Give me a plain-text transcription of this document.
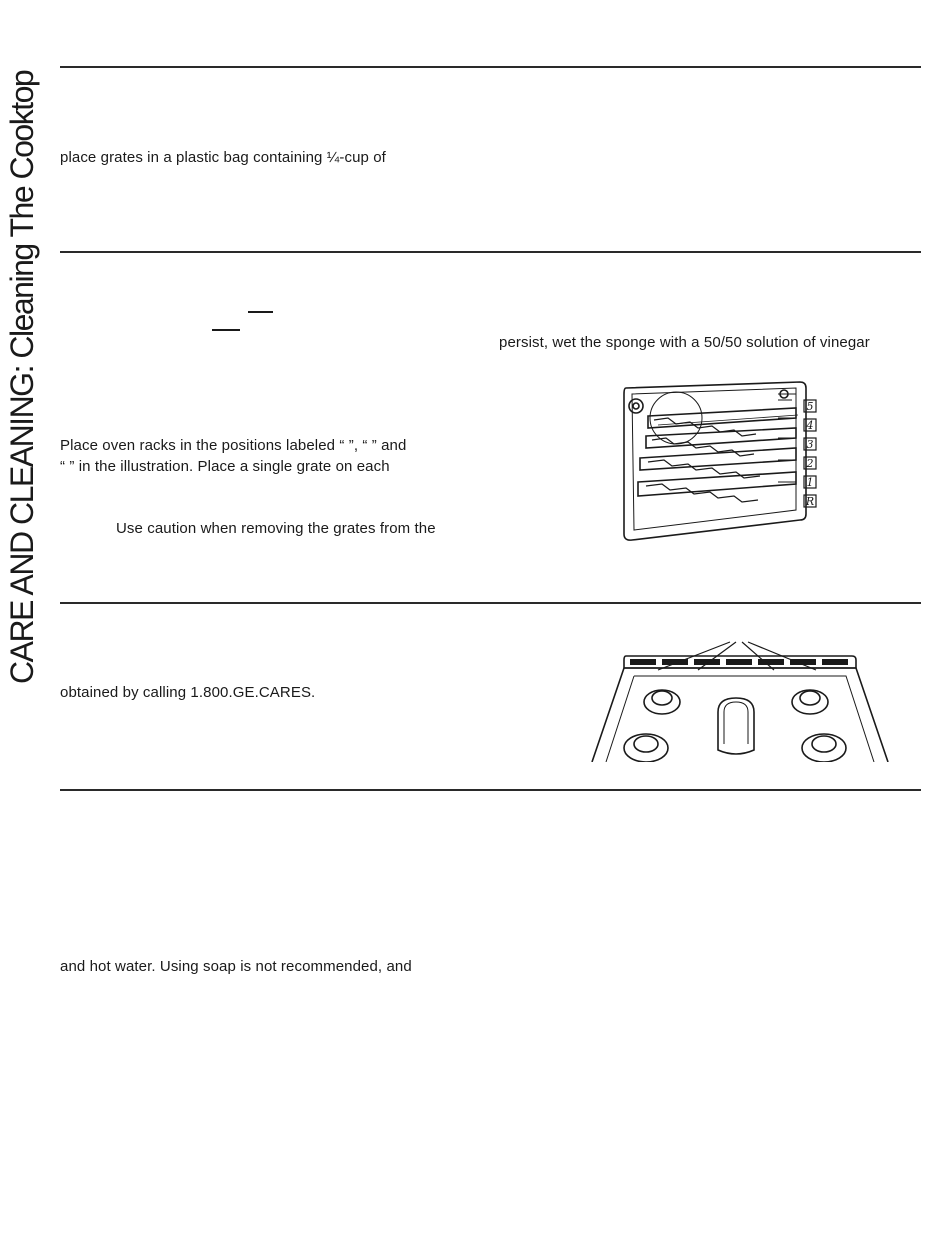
CARE AND CLEANING: Cleaning The Cooktop place grates in a plastic bag containing ¼-cup of
Place oven racks in the positions labeled “ ”, “ ” and
“ ” in the illustration. Place a single grate on each
Use caution when removing the grates from the
persist, wet the sponge with a 50/50 solution of vinegar
5
4
3
2
1
R
obtained by calling 1.800.GE.CARES.
and hot water. Using soap is not recommended, and
